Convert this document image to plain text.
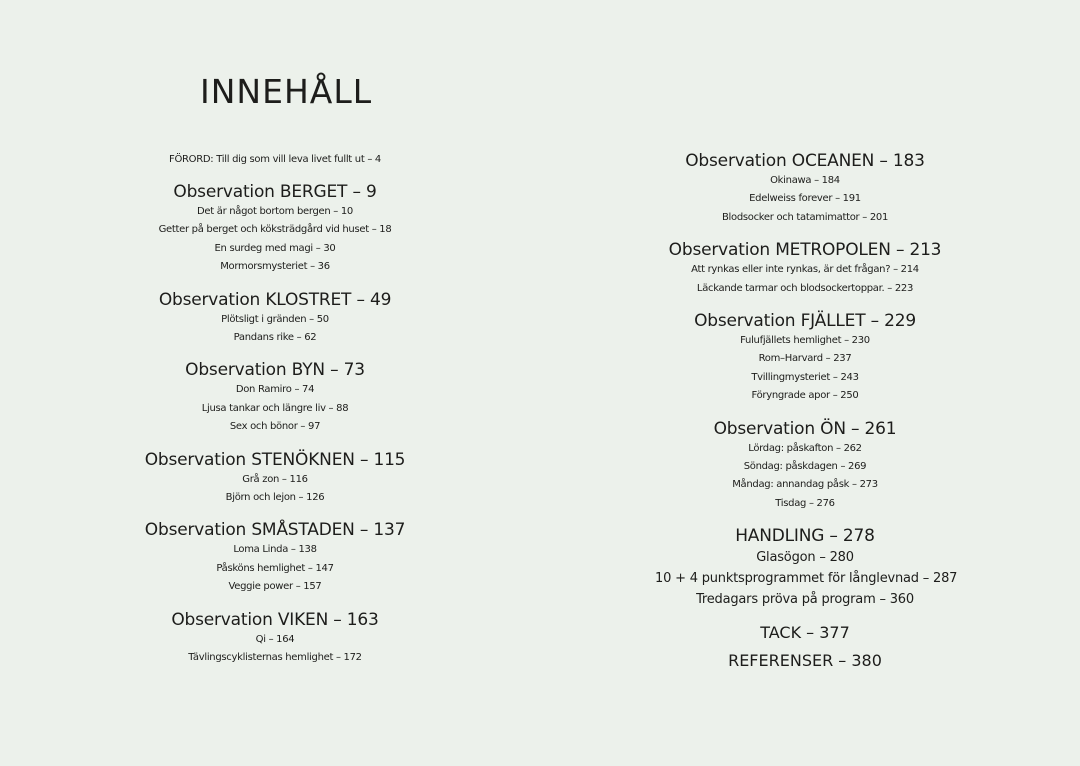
INNEHÅLL
FÖRORD: Till dig som vill leva livet fullt ut – 4
Observation BERGET – 9
Det är något bortom bergen – 10
Getter på berget och köksträdgård vid huset – 18
En surdeg med magi – 30
Mormorsmysteriet – 36
Observation KLOSTRET – 49
Plötsligt i gränden – 50
Pandans rike – 62
Observation BYN – 73
Don Ramiro – 74
Ljusa tankar och längre liv – 88
Sex och bönor – 97
Observation STENÖKNEN – 115
Grå zon – 116
Björn och lejon – 126
Observation SMÅSTADEN – 137
Loma Linda – 138
Påsköns hemlighet – 147
Veggie power – 157
Observation VIKEN – 163
Qi – 164
Tävlingscyklisternas hemlighet – 172
Observation OCEANEN – 183
Okinawa – 184
Edelweiss forever – 191
Blodsocker och tatamimattor – 201
Observation METROPOLEN – 213
Att rynkas eller inte rynkas, är det frågan? – 214
Läckande tarmar och blodsockertoppar. – 223
Observation FJÄLLET – 229
Fulufjällets hemlighet – 230
Rom–Harvard – 237
Tvillingmysteriet – 243
Föryngrade apor – 250
Observation ÖN – 261
Lördag: påskafton – 262
Söndag: påskdagen – 269
Måndag: annandag påsk – 273
Tisdag – 276
HANDLING – 278
Glasögon – 280
10 + 4 punktsprogrammet för långlevnad – 287
Tredagars pröva på program – 360
TACK – 377
REFERENSER – 380
